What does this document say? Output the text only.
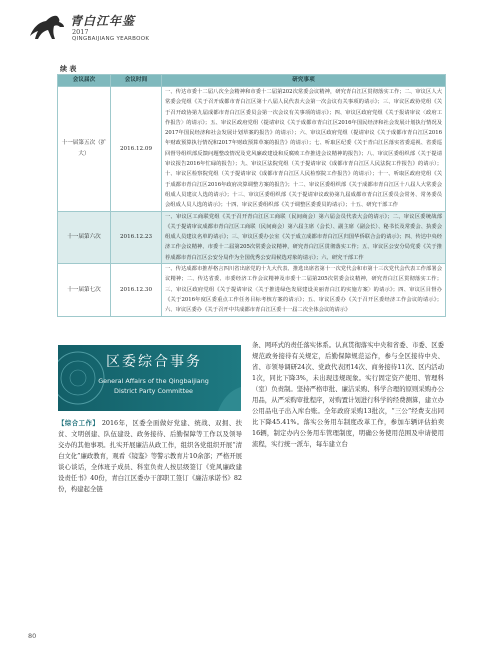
青白江年鉴
2017
QINGBAIJIANG YEARBOOK
续 表
会议届次	会议时间	研究事项
十一届第五次（扩大）	2016.12.09	一、传达市委十二届八次全会精神和市委十二届第202次常委会议精神，研究青白江区贯彻落实工作；二、审议区人大常委会党组《关于召开成都市青白江区第十八届人民代表大会第一次会议有关事项的请示》；三、审议区政协党组《关于召开政协第九届成都市青白江区委员会第一次会议有关事项的请示》；四、审议区政府党组《关于报请审议〈政府工作报告〉的请示》；五、审议区政府党组（提请审议《关于成都市青白江区2016年国民经济和社会发展计划执行情况及2017年国民经济和社会发展计划草案的报告》的请示）；六、审议区政府党组（提请审议《关于成都市青白江区2016年财政预算执行情况和2017年财政预算草案的报告》的请示）；七、听取区纪委《关于青白江区落实省委巡视、省委巡回督导组织部反馈问题整改情况及党风廉政建设和反腐败工作推进会议精神的报告》；八、审议区委组织部（关于提请审议报告2016年忙碌的报告）；九、审议区法院党组（关于提请审议《成都市青白江区人民法院工作报告》的请示）；十、审议区检察院党组（关于提请审议《成都市青白江区人民检察院工作报告》的请示）；十一、听取区政府党组《关于成都市青白江区2016年政府决算调整方案的报告》；十二、审议区委组织部《关于成都市青白江区十八届人大常委会组成人员建议人选的请示》；十三、审议区委组织部《关于提请审议政协第九届成都市青白江区委员会常务、常务委员会组成人员人选的请示》；十四、审议区委组织部《关于调整区委委员的请示》；十五、研究干部工作
十一届第六次	2016.12.23	一、审议区工商联党组《关于召开青白江区工商联（民间商会）第六届会员代表大会的请示》；二、审议区委统战部《关于提请审议成都市青白江区工商联（民间商会）第六届主席（会长）、副主席（副会长）、秘书长及常委会、执委会组成人员建议名单的请示》；三、审议区委办公室《关于成立成都市青白江区归国华侨联合会的请示》；四、传达中央经济工作会议精神、市委十二届第205次常委会议精神，研究青白江区贯彻落实工作；五、审议区公安分局党委《关于推荐成都市青白江区公安分局作为全国优秀公安局候选对象的请示》；六、研究干部工作
十一届第七次	2016.12.30	一、传达成都市推荐格言四川省出席党的十九大代表、推选出席省第十一次党代会和市第十三次党代会代表工作部署会议精神；二、传达省委、市委经济工作会议精神及市委十二届第205次常委会议精神，研究青白江区贯彻落实工作；三、审议区政府党组《关于提请审议〈关于推进绿色发展建设美丽青白江的实施方案〉的请示》；四、审议区目督办《关于2016年度区委重点工作任务目标考核方案的请示》；五、审议区委办《关于召开区委经济工作会议的请示》；六、审议区委办《关于召开中共成都市青白江区委十一届二次全体会议的请示》
区委综合事务
General Affairs of the Qingbaijiang
District Party Committee
【综合工作】 2016年，区委全面做好党建、统战、双拥、扶贫、文明创建、队伍建设、政务接待、后勤保障等工作以及领导交办的其他事项。扎实开展廉洁从政工作，组织各党组织开展“清白文化”廉政教育，观看《镜鉴》等警示教育片10余部；严格开展谈心谈话，全体班子成员、科室负责人按层级签订《党风廉政建设责任书》40份，青白江区委办干部职工签订《廉洁承诺书》82份，构建起全链
条、网环式的责任落实体系。认真贯彻落实中央和省委、市委、区委规范政务接待有关规定，后勤保障规范运作，参与全区接待中央、省、市领导调研24次、党政代表团14次、商务接待11次、区内活动1次，同比下降3%，未出现违规现象。实行固定资产使用、管理科（室）负责制。坚持严格审批、廉洁采购、科学合理的原则采购办公用品，从严采购审批程序，对购置计划进行科学的经费测算，建立办公用品电子出入库台账。全年政府采购13批次，“三公”经费支出同比下降45.41%。落实公务用车制度改革工作，参加车辆评估拍卖16辆，制定办内公务用车管理制度，明确公务使用范围及申请使用流程，实行统一派车，每车建立台
80
